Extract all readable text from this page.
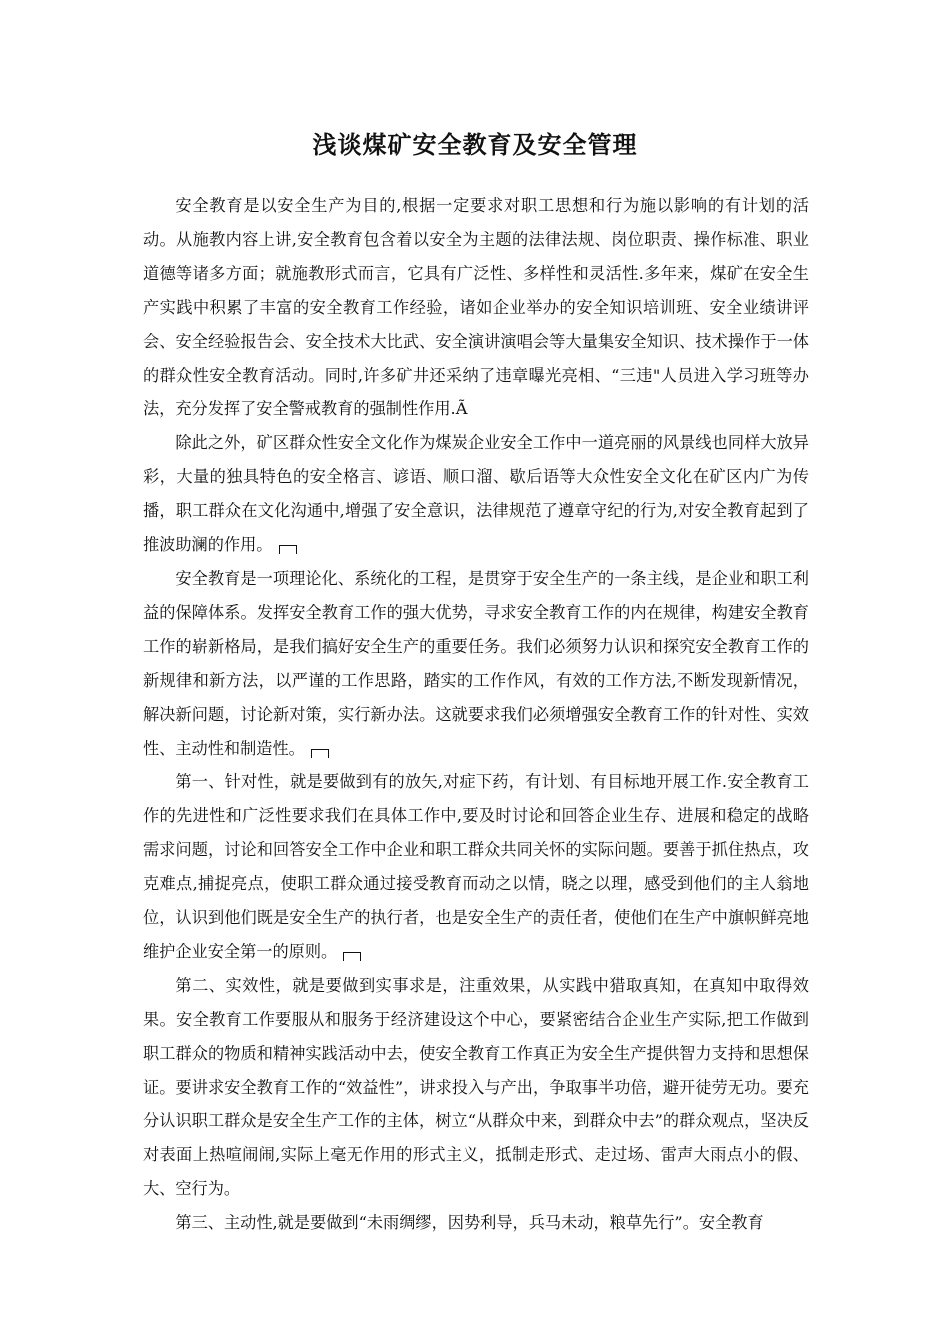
浅谈煤矿安全教育及安全管理

安全教育是以安全生产为目的,根据一定要求对职工思想和行为施以影响的有计划的活动。从施教内容上讲,安全教育包含着以安全为主题的法律法规、岗位职责、操作标准、职业道德等诸多方面；就施教形式而言，它具有广泛性、多样性和灵活性.多年来，煤矿在安全生产实践中积累了丰富的安全教育工作经验，诸如企业举办的安全知识培训班、安全业绩讲评会、安全经验报告会、安全技术大比武、安全演讲演唱会等大量集安全知识、技术操作于一体的群众性安全教育活动。同时,许多矿井还采纳了违章曝光亮相、“三违"人员进入学习班等办法，充分发挥了安全警戒教育的强制性作用.Ã

除此之外，矿区群众性安全文化作为煤炭企业安全工作中一道亮丽的风景线也同样大放异彩，大量的独具特色的安全格言、谚语、顺口溜、歇后语等大众性安全文化在矿区内广为传播，职工群众在文化沟通中,增强了安全意识，法律规范了遵章守纪的行为,对安全教育起到了推波助澜的作用。

安全教育是一项理论化、系统化的工程，是贯穿于安全生产的一条主线，是企业和职工利益的保障体系。发挥安全教育工作的强大优势，寻求安全教育工作的内在规律，构建安全教育工作的崭新格局，是我们搞好安全生产的重要任务。我们必须努力认识和探究安全教育工作的新规律和新方法，以严谨的工作思路，踏实的工作作风，有效的工作方法,不断发现新情况，解决新问题，讨论新对策，实行新办法。这就要求我们必须增强安全教育工作的针对性、实效性、主动性和制造性。

第一、针对性，就是要做到有的放矢,对症下药，有计划、有目标地开展工作.安全教育工作的先进性和广泛性要求我们在具体工作中,要及时讨论和回答企业生存、进展和稳定的战略需求问题，讨论和回答安全工作中企业和职工群众共同关怀的实际问题。要善于抓住热点，攻克难点,捕捉亮点，使职工群众通过接受教育而动之以情，晓之以理，感受到他们的主人翁地位，认识到他们既是安全生产的执行者，也是安全生产的责任者，使他们在生产中旗帜鲜亮地维护企业安全第一的原则。

第二、实效性，就是要做到实事求是，注重效果，从实践中猎取真知，在真知中取得效果。安全教育工作要服从和服务于经济建设这个中心，要紧密结合企业生产实际,把工作做到职工群众的物质和精神实践活动中去，使安全教育工作真正为安全生产提供智力支持和思想保证。要讲求安全教育工作的“效益性”，讲求投入与产出，争取事半功倍，避开徒劳无功。要充分认识职工群众是安全生产工作的主体，树立“从群众中来，到群众中去”的群众观点，坚决反对表面上热喧闹闹,实际上毫无作用的形式主义，抵制走形式、走过场、雷声大雨点小的假、大、空行为。

第三、主动性,就是要做到“未雨绸缪，因势利导，兵马未动，粮草先行”。安全教育
